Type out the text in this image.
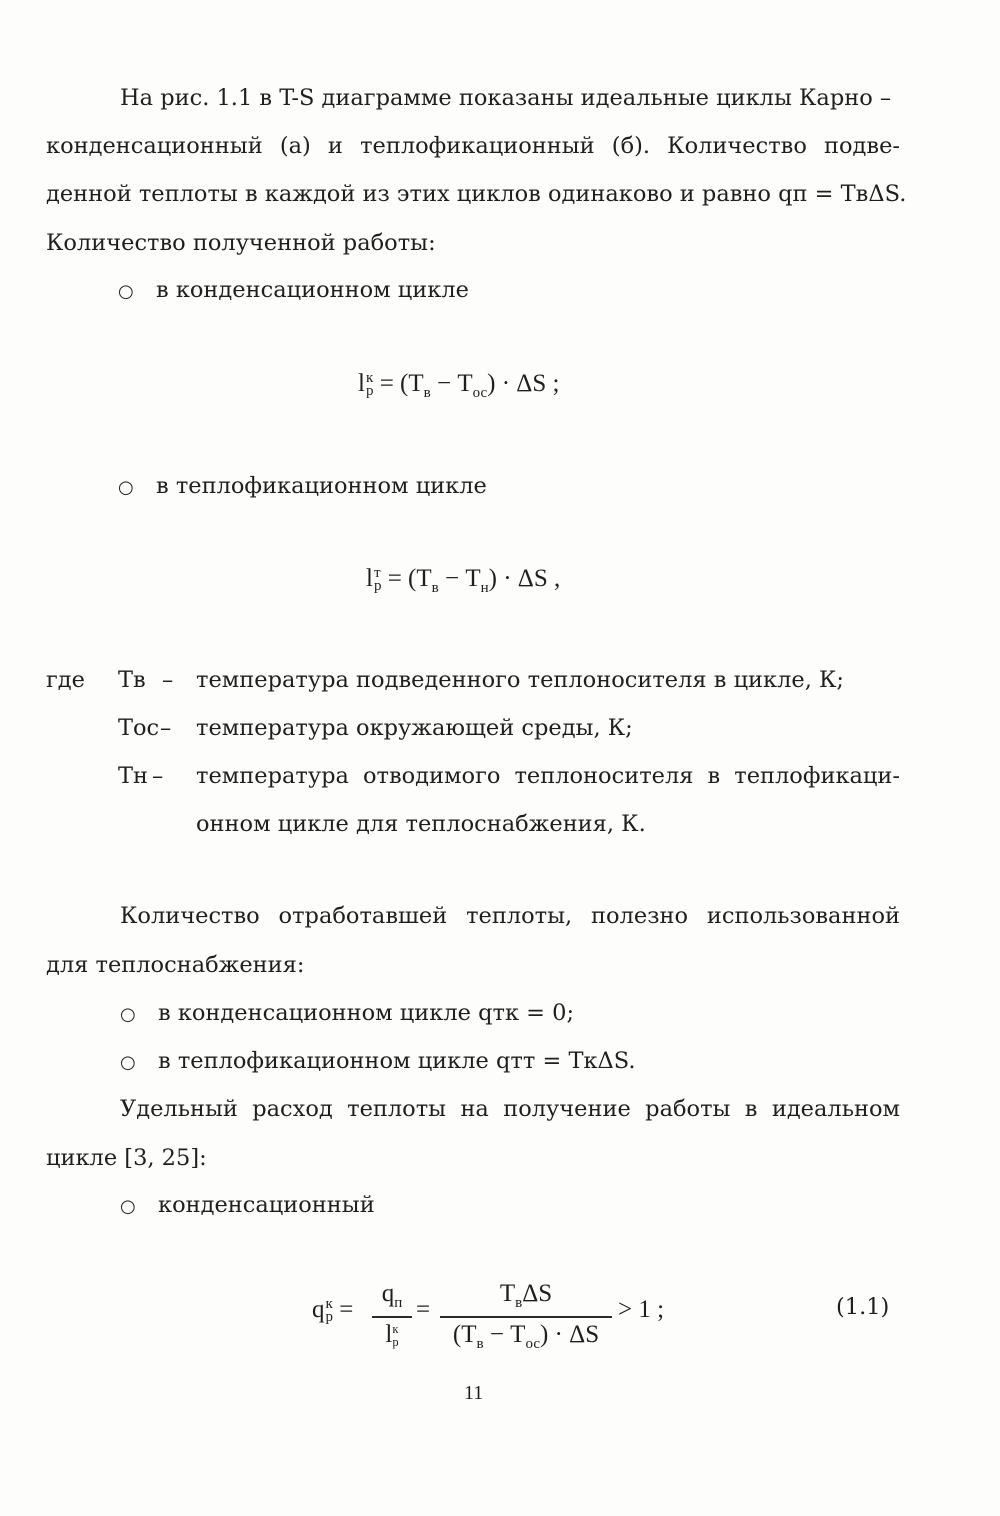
На рис. 1.1 в T-S диаграмме показаны идеальные циклы Карно –
конденсационный (а) и теплофикационный (б). Количество подве-
денной теплоты в каждой из этих циклов одинаково и равно qп = TвΔS.
Количество полученной работы:
○ в конденсационном цикле
l к
$р = (T_в - T_{ос}) \cdot \Delta S$ ;
○ в теплофикационном цикле
l т
$р = (T_в - T_н) \cdot \Delta S$ ,
где Tв – температура подведенного теплоносителя в цикле, К;
Tос – температура окружающей среды, К;
Tн – температура отводимого теплоносителя в теплофикаци-
онном цикле для теплоснабжения, К.
Количество отработавшей теплоты, полезно использованной
для теплоснабжения:
○ в конденсационном цикле qтк = 0;
○ в теплофикационном цикле qтт = TкΔS.
Удельный расход теплоты на получение работы в идеальном
цикле [3, 25]:
○ конденсационный
q к
р =
$q_п$
l к
р
=
$T_в\Delta S$
$(T_в - T_{ос}) \cdot \Delta S$
> 1 ;	(1.1)
11
